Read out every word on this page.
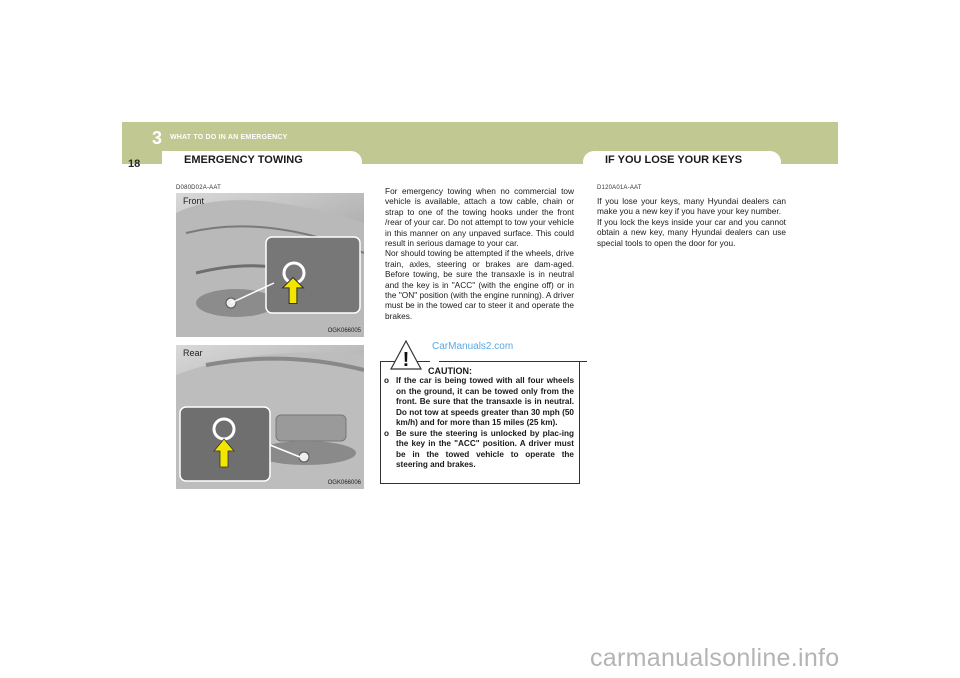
3 WHAT TO DO IN AN EMERGENCY
18	EMERGENCY TOWING	IF YOU LOSE YOUR KEYS
D080D02A-AAT
Front
OGK066005
Rear
OGK066006

For emergency towing when no commercial tow vehicle is available, attach a tow cable, chain or strap to one of the towing hooks under the front /rear of your car. Do not attempt to tow your vehicle in this manner on any unpaved surface. This could result in serious damage to your car.

Nor should towing be attempted if the wheels, drive train, axles, steering or brakes are dam-aged. Before towing, be sure the transaxle is in neutral and the key is in "ACC" (with the engine off) or in the "ON" position (with the engine running). A driver must be in the towed car to steer it and operate the brakes.

CarManuals2.com
! CAUTION:
o If the car is being towed with all four wheels on the ground, it can be towed only from the front. Be sure that the transaxle is in neutral. Do not tow at speeds greater than 30 mph (50 km/h) and for more than 15 miles (25 km).
o Be sure the steering is unlocked by plac-ing the key in the "ACC" position. A driver must be in the towed vehicle to operate the steering and brakes.
D120A01A-AAT

If you lose your keys, many Hyundai dealers can make you a new key if you have your key number.

If you lock the keys inside your car and you cannot obtain a new key, many Hyundai dealers can use special tools to open the door for you.

carmanualsonline.info
